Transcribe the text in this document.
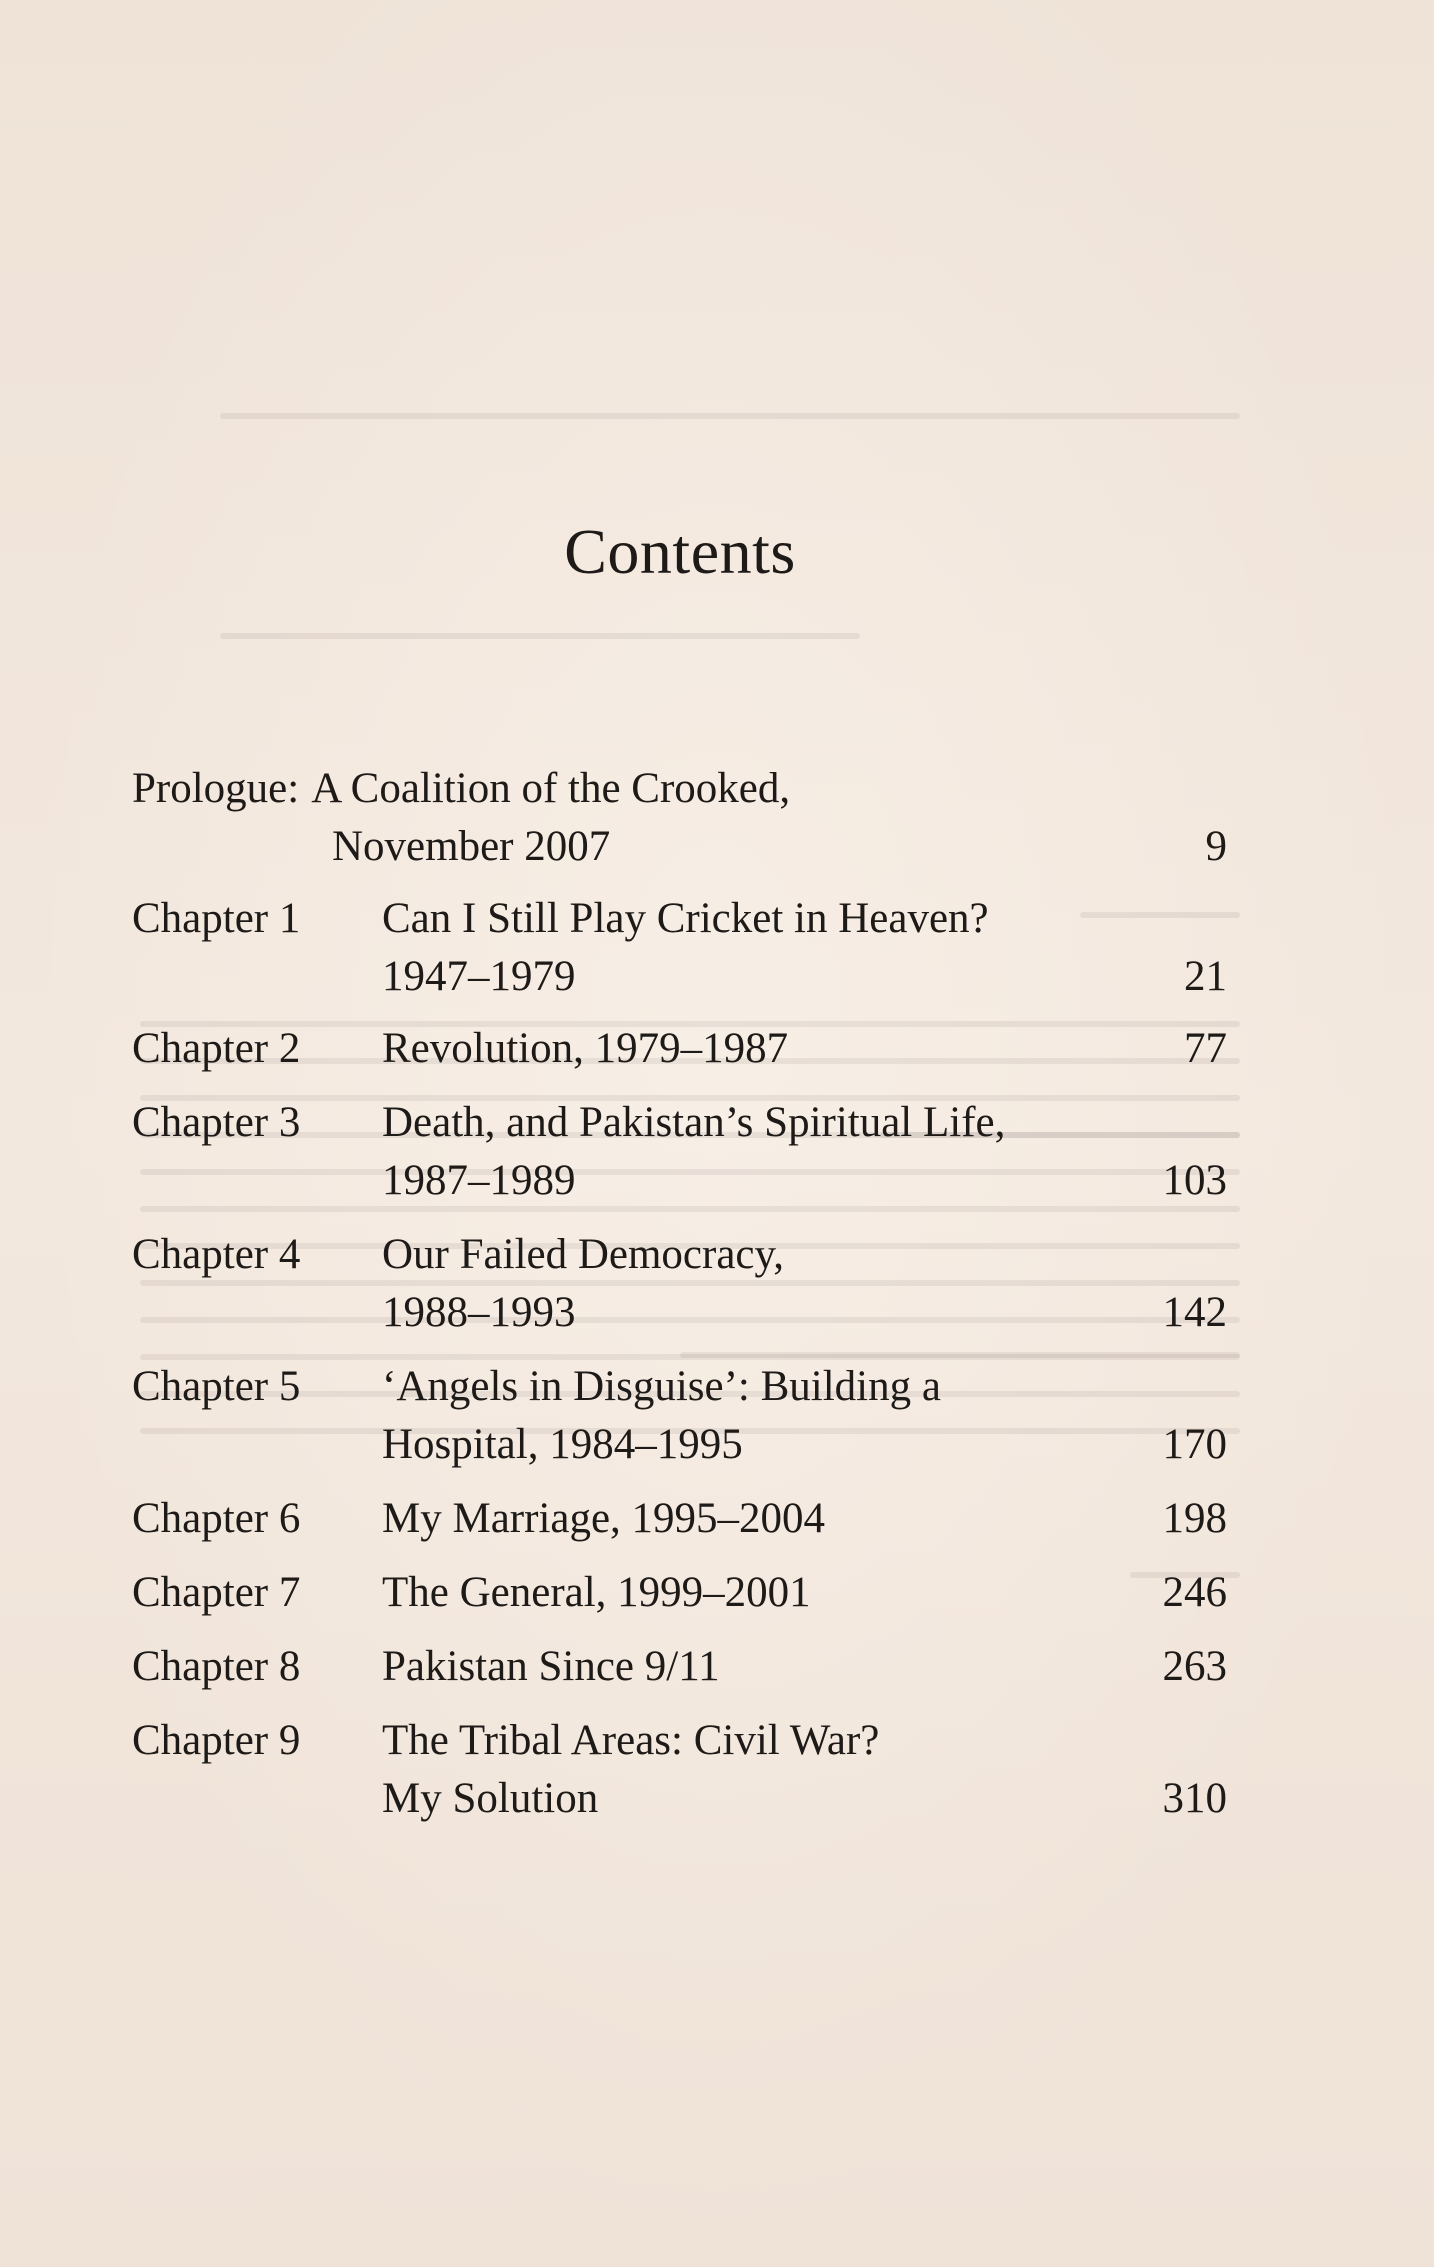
Contents
Prologue: A Coalition of the Crooked,
November 2007	9
Chapter 1	Can I Still Play Cricket in Heaven?
1947–1979	21
Chapter 2	Revolution, 1979–1987	77
Chapter 3	Death, and Pakistan’s Spiritual Life,
1987–1989	103
Chapter 4	Our Failed Democracy,
1988–1993	142
Chapter 5	‘Angels in Disguise’: Building a
Hospital, 1984–1995	170
Chapter 6	My Marriage, 1995–2004	198
Chapter 7	The General, 1999–2001	246
Chapter 8	Pakistan Since 9/11	263
Chapter 9	The Tribal Areas: Civil War?
My Solution	310
